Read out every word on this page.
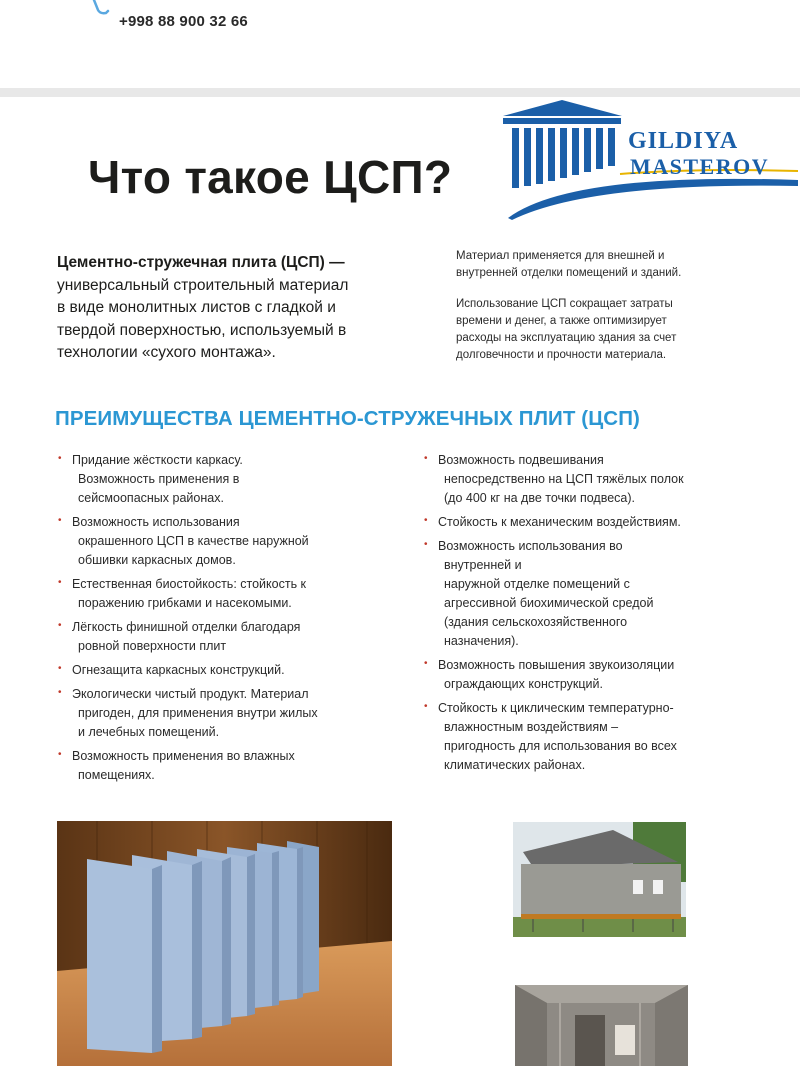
+998 88 900 32 66
GILDIYA
MASTEROV
Что такое ЦСП?
Цементно-стружечная плита (ЦСП) —
универсальный строительный материал
в виде монолитных листов с гладкой и
твердой поверхностью, используемый в
технологии «сухого монтажа».

Материал применяется для внешней и
внутренней отделки помещений и зданий.

Использование ЦСП сокращает затраты
времени и денег, а также оптимизирует
расходы на эксплуатацию здания за счет
долговечности и прочности материала.

ПРЕИМУЩЕСТВА ЦЕМЕНТНО-СТРУЖЕЧНЫХ ПЛИТ (ЦСП)
• Придание жёсткости каркасу.
Возможность применения в
сейсмоопасных районах.
• Возможность использования
окрашенного ЦСП в качестве наружной
обшивки каркасных домов.
• Естественная биостойкость: стойкость к
поражению грибками и насекомыми.
• Лёгкость финишной отделки благодаря
ровной поверхности плит
• Огнезащита каркасных конструкций.
• Экологически чистый продукт. Материал
пригоден, для применения внутри жилых
и лечебных помещений.
• Возможность применения во влажных
помещениях.
• Возможность подвешивания
непосредственно на ЦСП тяжёлых полок
(до 400 кг на две точки подвеса).
• Стойкость к механическим воздействиям.
• Возможность использования во
внутренней и
наружной отделке помещений с
агрессивной биохимической средой
(здания сельскохозяйственного
назначения).
• Возможность повышения звукоизоляции
ограждающих конструкций.
• Стойкость к циклическим температурно-
влажностным воздействиям –
пригодность для использования во всех
климатических районах.
